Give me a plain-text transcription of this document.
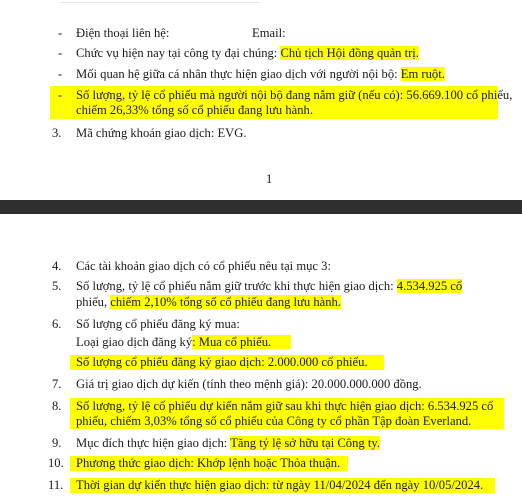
- Điện thoại liên hệ:	Email:
- Chức vụ hiện nay tại công ty đại chúng: Chủ tịch Hội đồng quản trị.
- Mối quan hệ giữa cá nhân thực hiện giao dịch với người nội bộ: Em ruột.
- Số lượng, tỷ lệ cổ phiếu mà người nội bộ đang nắm giữ (nếu có): 56.669.100 cổ phiếu,
chiếm 26,33% tổng số cổ phiếu đang lưu hành.
3. Mã chứng khoán giao dịch: EVG.
1
4. Các tài khoản giao dịch có cổ phiếu nêu tại mục 3:
5. Số lượng, tỷ lệ cổ phiếu nắm giữ trước khi thực hiện giao dịch: 4.534.925 cổ
phiếu, chiếm 2,10% tổng số cổ phiếu đang lưu hành.
6. Số lượng cổ phiếu đăng ký mua:
Loại giao dịch đăng ký: Mua cổ phiếu.
Số lượng cổ phiếu đăng ký giao dịch: 2.000.000 cổ phiếu.
7. Giá trị giao dịch dự kiến (tính theo mệnh giá): 20.000.000.000 đồng.
8. Số lượng, tỷ lệ cổ phiếu dự kiến nắm giữ sau khi thực hiện giao dịch: 6.534.925 cổ
phiếu, chiếm 3,03% tổng số cổ phiếu của Công ty cổ phần Tập đoàn Everland.
9. Mục đích thực hiện giao dịch: Tăng tỷ lệ sở hữu tại Công ty.
10. Phương thức giao dịch: Khớp lệnh hoặc Thỏa thuận.
11.	Thời gian dự kiến thực hiện giao dịch: từ ngày 11/04/2024 đến ngày 10/05/2024.
